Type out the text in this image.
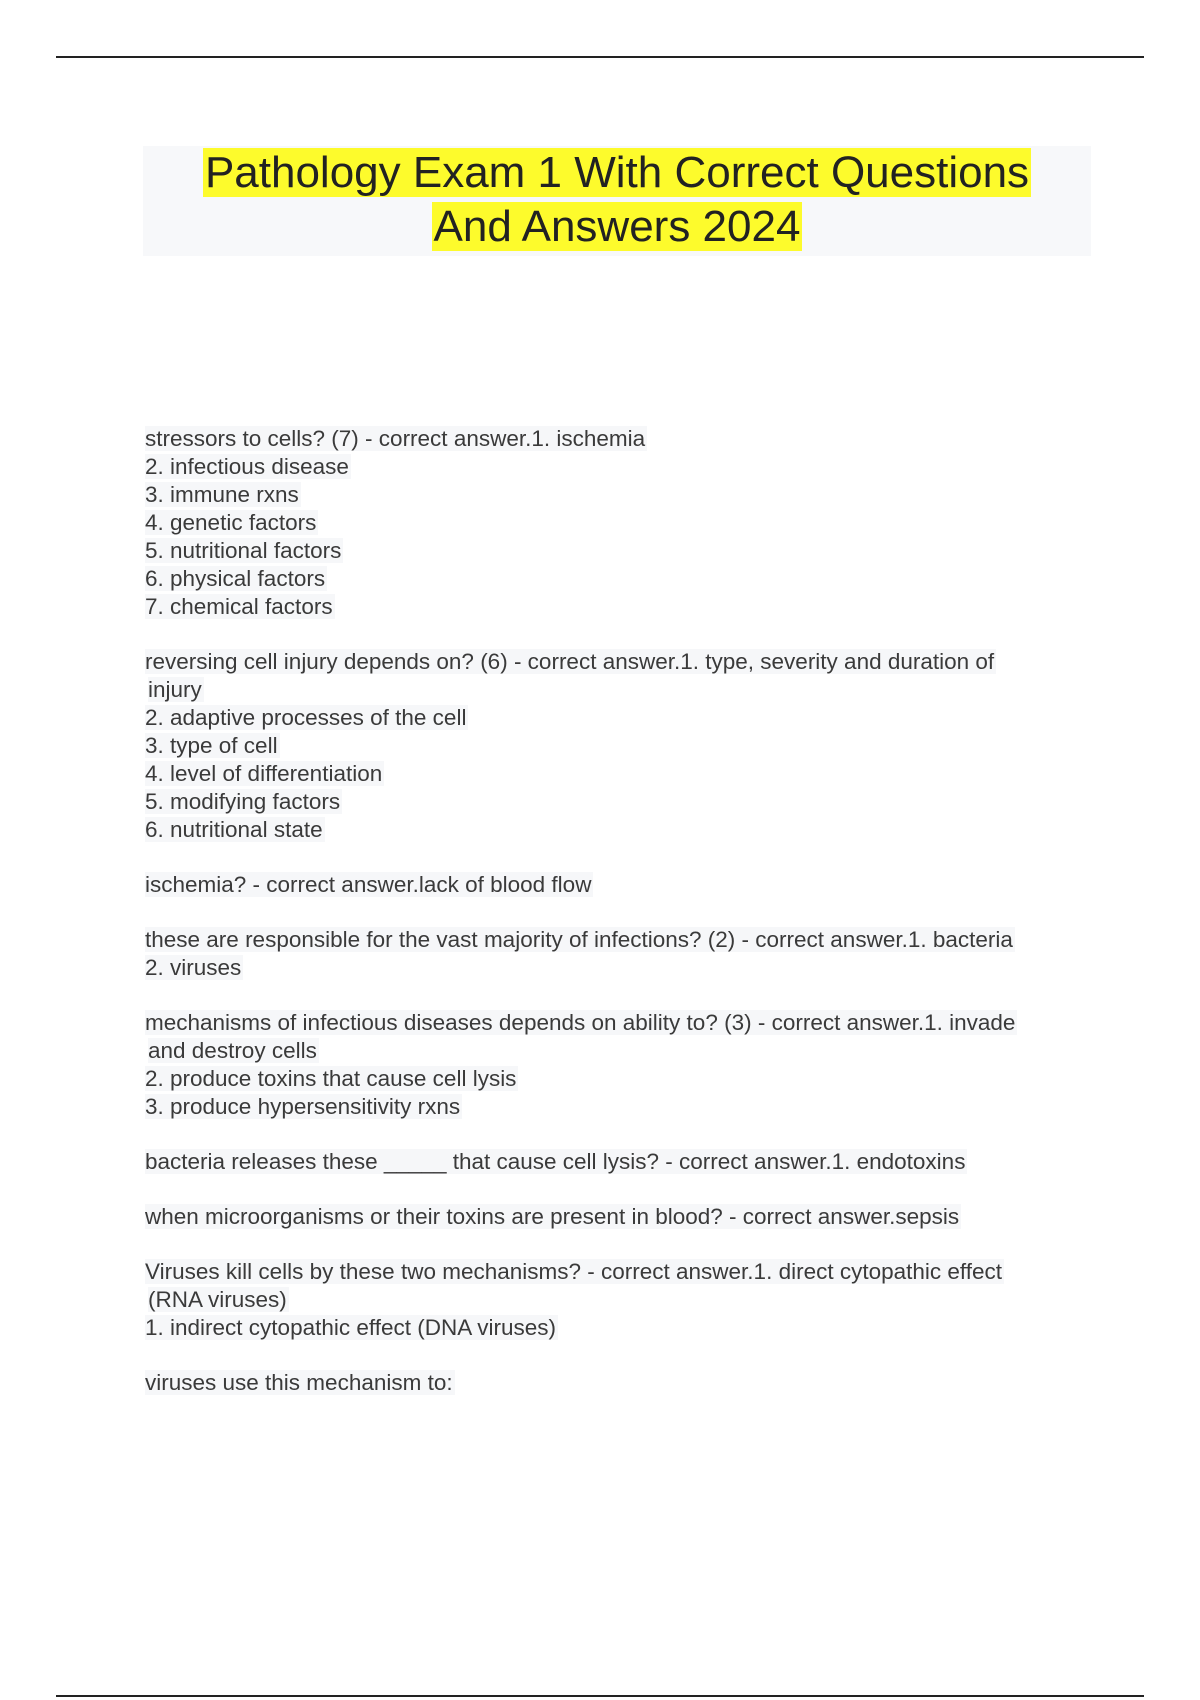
Pathology Exam 1 With Correct Questions
And Answers 2024
stressors to cells? (7) - correct answer.1. ischemia
2. infectious disease
3. immune rxns
4. genetic factors
5. nutritional factors
6. physical factors
7. chemical factors
reversing cell injury depends on? (6) - correct answer.1. type, severity and duration of
injury
2. adaptive processes of the cell
3. type of cell
4. level of differentiation
5. modifying factors
6. nutritional state
ischemia? - correct answer.lack of blood flow
these are responsible for the vast majority of infections? (2) - correct answer.1. bacteria
2. viruses
mechanisms of infectious diseases depends on ability to? (3) - correct answer.1. invade
and destroy cells
2. produce toxins that cause cell lysis
3. produce hypersensitivity rxns
bacteria releases these _____ that cause cell lysis? - correct answer.1. endotoxins
when microorganisms or their toxins are present in blood? - correct answer.sepsis
Viruses kill cells by these two mechanisms? - correct answer.1. direct cytopathic effect
(RNA viruses)
1. indirect cytopathic effect (DNA viruses)
viruses use this mechanism to:
